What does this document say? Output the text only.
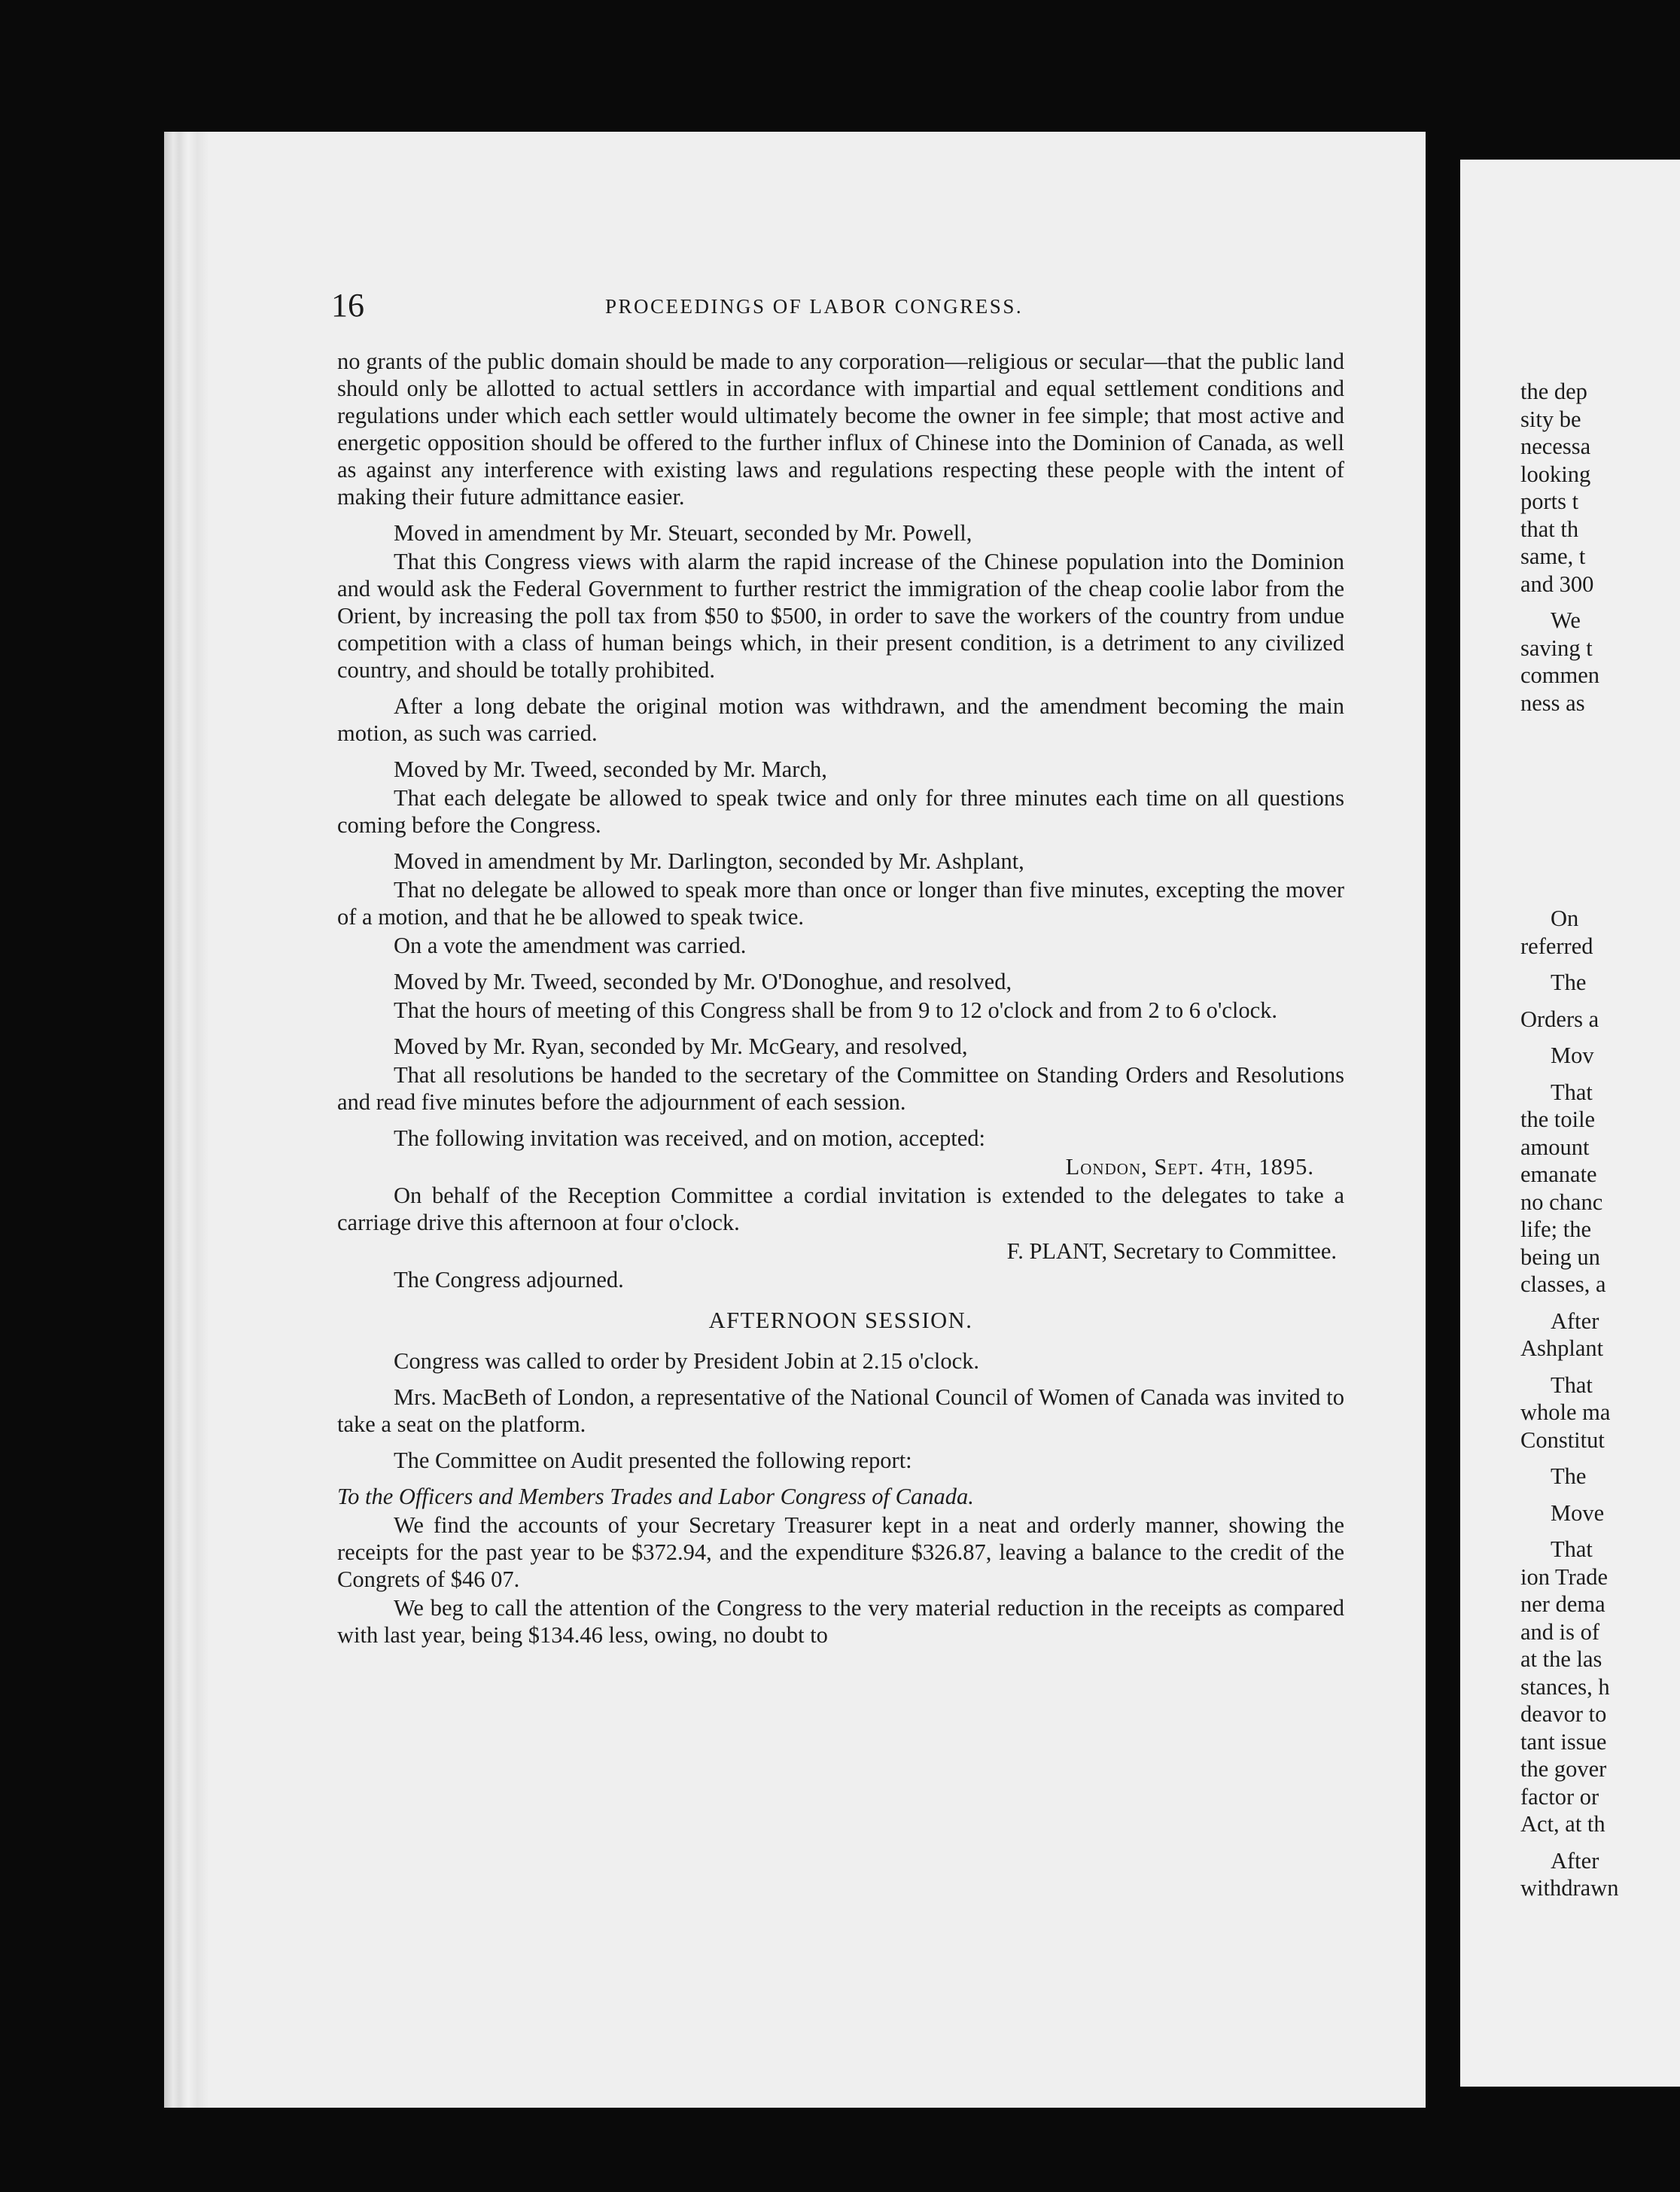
16	PROCEEDINGS OF LABOR CONGRESS.

no grants of the public domain should be made to any corporation—religious or secular—that the public land should only be allotted to actual settlers in accordance with impartial and equal settlement conditions and regulations under which each settler would ultimately become the owner in fee simple; that most active and energetic opposition should be offered to the further influx of Chinese into the Dominion of Canada, as well as against any interference with existing laws and regulations respecting these people with the intent of making their future admittance easier.

Moved in amendment by Mr. Steuart, seconded by Mr. Powell,

That this Congress views with alarm the rapid increase of the Chinese population into the Dominion and would ask the Federal Government to further restrict the immigration of the cheap coolie labor from the Orient, by increasing the poll tax from $50 to $500, in order to save the workers of the country from undue competition with a class of human beings which, in their present condition, is a detriment to any civilized country, and should be totally prohibited.

After a long debate the original motion was withdrawn, and the amendment becoming the main motion, as such was carried.

Moved by Mr. Tweed, seconded by Mr. March,

That each delegate be allowed to speak twice and only for three minutes each time on all questions coming before the Congress.

Moved in amendment by Mr. Darlington, seconded by Mr. Ashplant,

That no delegate be allowed to speak more than once or longer than five minutes, excepting the mover of a motion, and that he be allowed to speak twice.

On a vote the amendment was carried.

Moved by Mr. Tweed, seconded by Mr. O'Donoghue, and resolved,

That the hours of meeting of this Congress shall be from 9 to 12 o'clock and from 2 to 6 o'clock.

Moved by Mr. Ryan, seconded by Mr. McGeary, and resolved,

That all resolutions be handed to the secretary of the Committee on Standing Orders and Resolutions and read five minutes before the adjournment of each session.

The following invitation was received, and on motion, accepted:

London, Sept. 4th, 1895.

On behalf of the Reception Committee a cordial invitation is extended to the delegates to take a carriage drive this afternoon at four o'clock.

F. PLANT, Secretary to Committee.

The Congress adjourned.

AFTERNOON SESSION.

Congress was called to order by President Jobin at 2.15 o'clock.

Mrs. MacBeth of London, a representative of the National Council of Women of Canada was invited to take a seat on the platform.

The Committee on Audit presented the following report:

To the Officers and Members Trades and Labor Congress of Canada.

We find the accounts of your Secretary Treasurer kept in a neat and orderly manner, showing the receipts for the past year to be $372.94, and the expenditure $326.87, leaving a balance to the credit of the Congrets of $46 07.

We beg to call the attention of the Congress to the very material reduction in the receipts as compared with last year, being $134.46 less, owing, no doubt to

the dep
sity be
necessa
looking
ports t
that th
same, t
and 300
We
saving t
commen
ness as
On
referred
The
Orders a
Mov
That
the toile
amount
emanate
no chanc
life; the
being un
classes, a
After
Ashplant
That
whole ma
Constitut
The
Move
That
ion Trade
ner dema
and is of
at the las
stances, h
deavor to
tant issue
the gover
factor or
Act, at th
After
withdrawn
